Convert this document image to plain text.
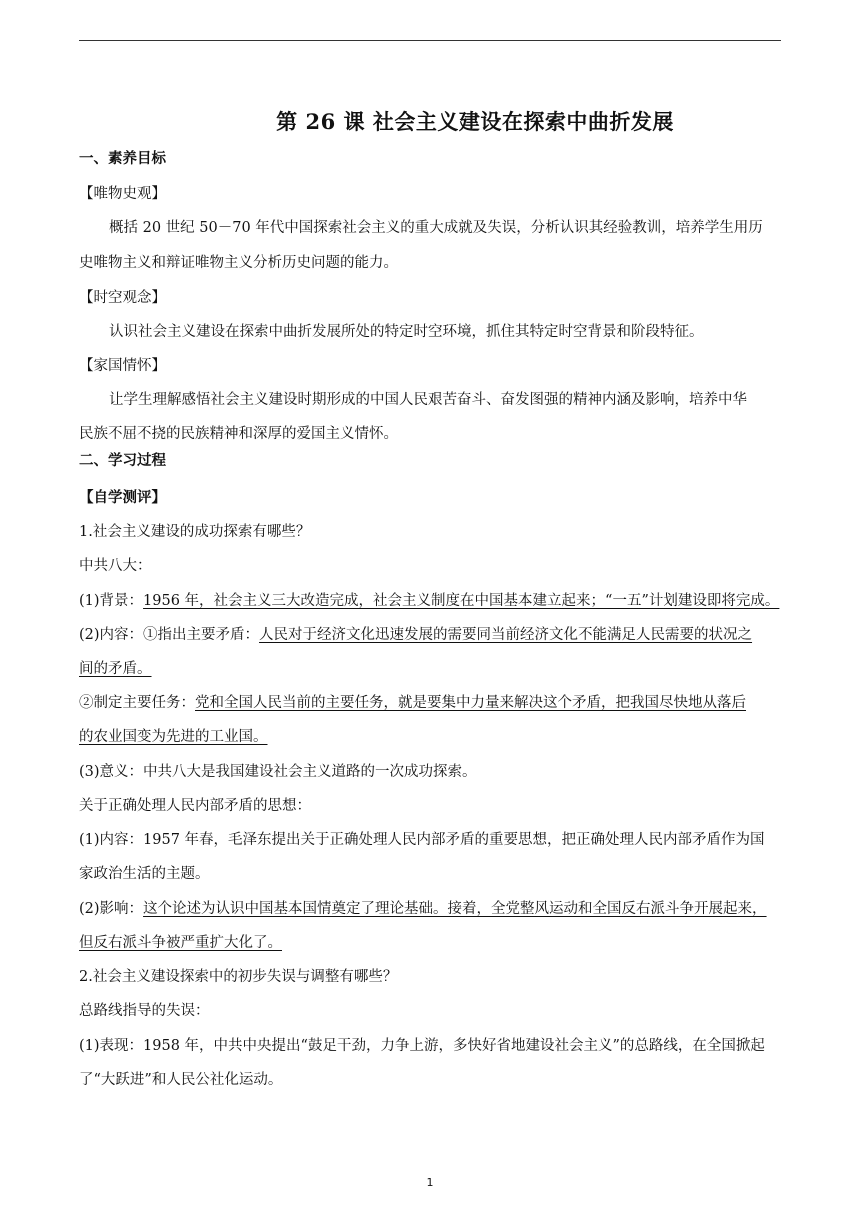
第 26 课 社会主义建设在探索中曲折发展
一、素养目标
【唯物史观】
概括 20 世纪 50－70 年代中国探索社会主义的重大成就及失误，分析认识其经验教训，培养学生用历
史唯物主义和辩证唯物主义分析历史问题的能力。
【时空观念】
认识社会主义建设在探索中曲折发展所处的特定时空环境，抓住其特定时空背景和阶段特征。
【家国情怀】
让学生理解感悟社会主义建设时期形成的中国人民艰苦奋斗、奋发图强的精神内涵及影响，培养中华
民族不屈不挠的民族精神和深厚的爱国主义情怀。
二、学习过程
【自学测评】
1.社会主义建设的成功探索有哪些？
中共八大：
(1)背景：1956 年，社会主义三大改造完成，社会主义制度在中国基本建立起来；“一五”计划建设即将完成。
(2)内容：①指出主要矛盾：人民对于经济文化迅速发展的需要同当前经济文化不能满足人民需要的状况之
间的矛盾。
②制定主要任务：党和全国人民当前的主要任务，就是要集中力量来解决这个矛盾，把我国尽快地从落后
的农业国变为先进的工业国。
(3)意义：中共八大是我国建设社会主义道路的一次成功探索。
关于正确处理人民内部矛盾的思想：
(1)内容：1957 年春，毛泽东提出关于正确处理人民内部矛盾的重要思想，把正确处理人民内部矛盾作为国
家政治生活的主题。
(2)影响：这个论述为认识中国基本国情奠定了理论基础。接着，全党整风运动和全国反右派斗争开展起来，
但反右派斗争被严重扩大化了。
2.社会主义建设探索中的初步失误与调整有哪些？
总路线指导的失误：
(1)表现：1958 年，中共中央提出“鼓足干劲，力争上游，多快好省地建设社会主义”的总路线，在全国掀起
了“大跃进”和人民公社化运动。
1
